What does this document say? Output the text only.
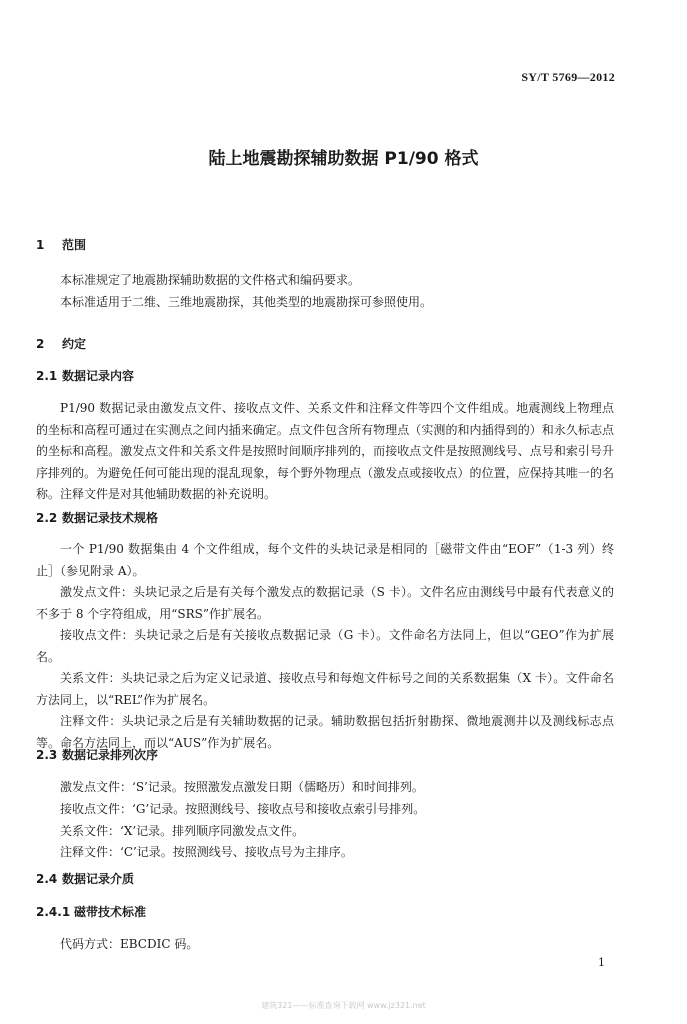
SY/T 5769—2012
陆上地震勘探辅助数据 P1/90 格式
1 范围

本标准规定了地震勘探辅助数据的文件格式和编码要求。

本标准适用于二维、三维地震勘探，其他类型的地震勘探可参照使用。

2 约定
2.1 数据记录内容

P1/90 数据记录由激发点文件、接收点文件、关系文件和注释文件等四个文件组成。地震测线上物理点的坐标和高程可通过在实测点之间内插来确定。点文件包含所有物理点（实测的和内插得到的）和永久标志点的坐标和高程。激发点文件和关系文件是按照时间顺序排列的，而接收点文件是按照测线号、点号和索引号升序排列的。为避免任何可能出现的混乱现象，每个野外物理点（激发点或接收点）的位置，应保持其唯一的名称。注释文件是对其他辅助数据的补充说明。

2.2 数据记录技术规格

一个 P1/90 数据集由 4 个文件组成，每个文件的头块记录是相同的［磁带文件由“EOF”（1-3 列）终止］（参见附录 A）。

激发点文件：头块记录之后是有关每个激发点的数据记录（S 卡）。文件名应由测线号中最有代表意义的不多于 8 个字符组成，用“SRS”作扩展名。

接收点文件：头块记录之后是有关接收点数据记录（G 卡）。文件命名方法同上，但以“GEO”作为扩展名。

关系文件：头块记录之后为定义记录道、接收点号和每炮文件标号之间的关系数据集（X 卡）。文件命名方法同上，以“REL”作为扩展名。

注释文件：头块记录之后是有关辅助数据的记录。辅助数据包括折射勘探、微地震测井以及测线标志点等。命名方法同上，而以“AUS”作为扩展名。

2.3 数据记录排列次序
激发点文件：‘S’记录。按照激发点激发日期（儒略历）和时间排列。
接收点文件：‘G’记录。按照测线号、接收点号和接收点索引号排列。
关系文件：‘X’记录。排列顺序同激发点文件。
注释文件：‘C’记录。按照测线号、接收点号为主排序。
2.4 数据记录介质
2.4.1 磁带技术标准
代码方式：EBCDIC 码。
1
建筑321——标准查询下载网 www.jz321.net
